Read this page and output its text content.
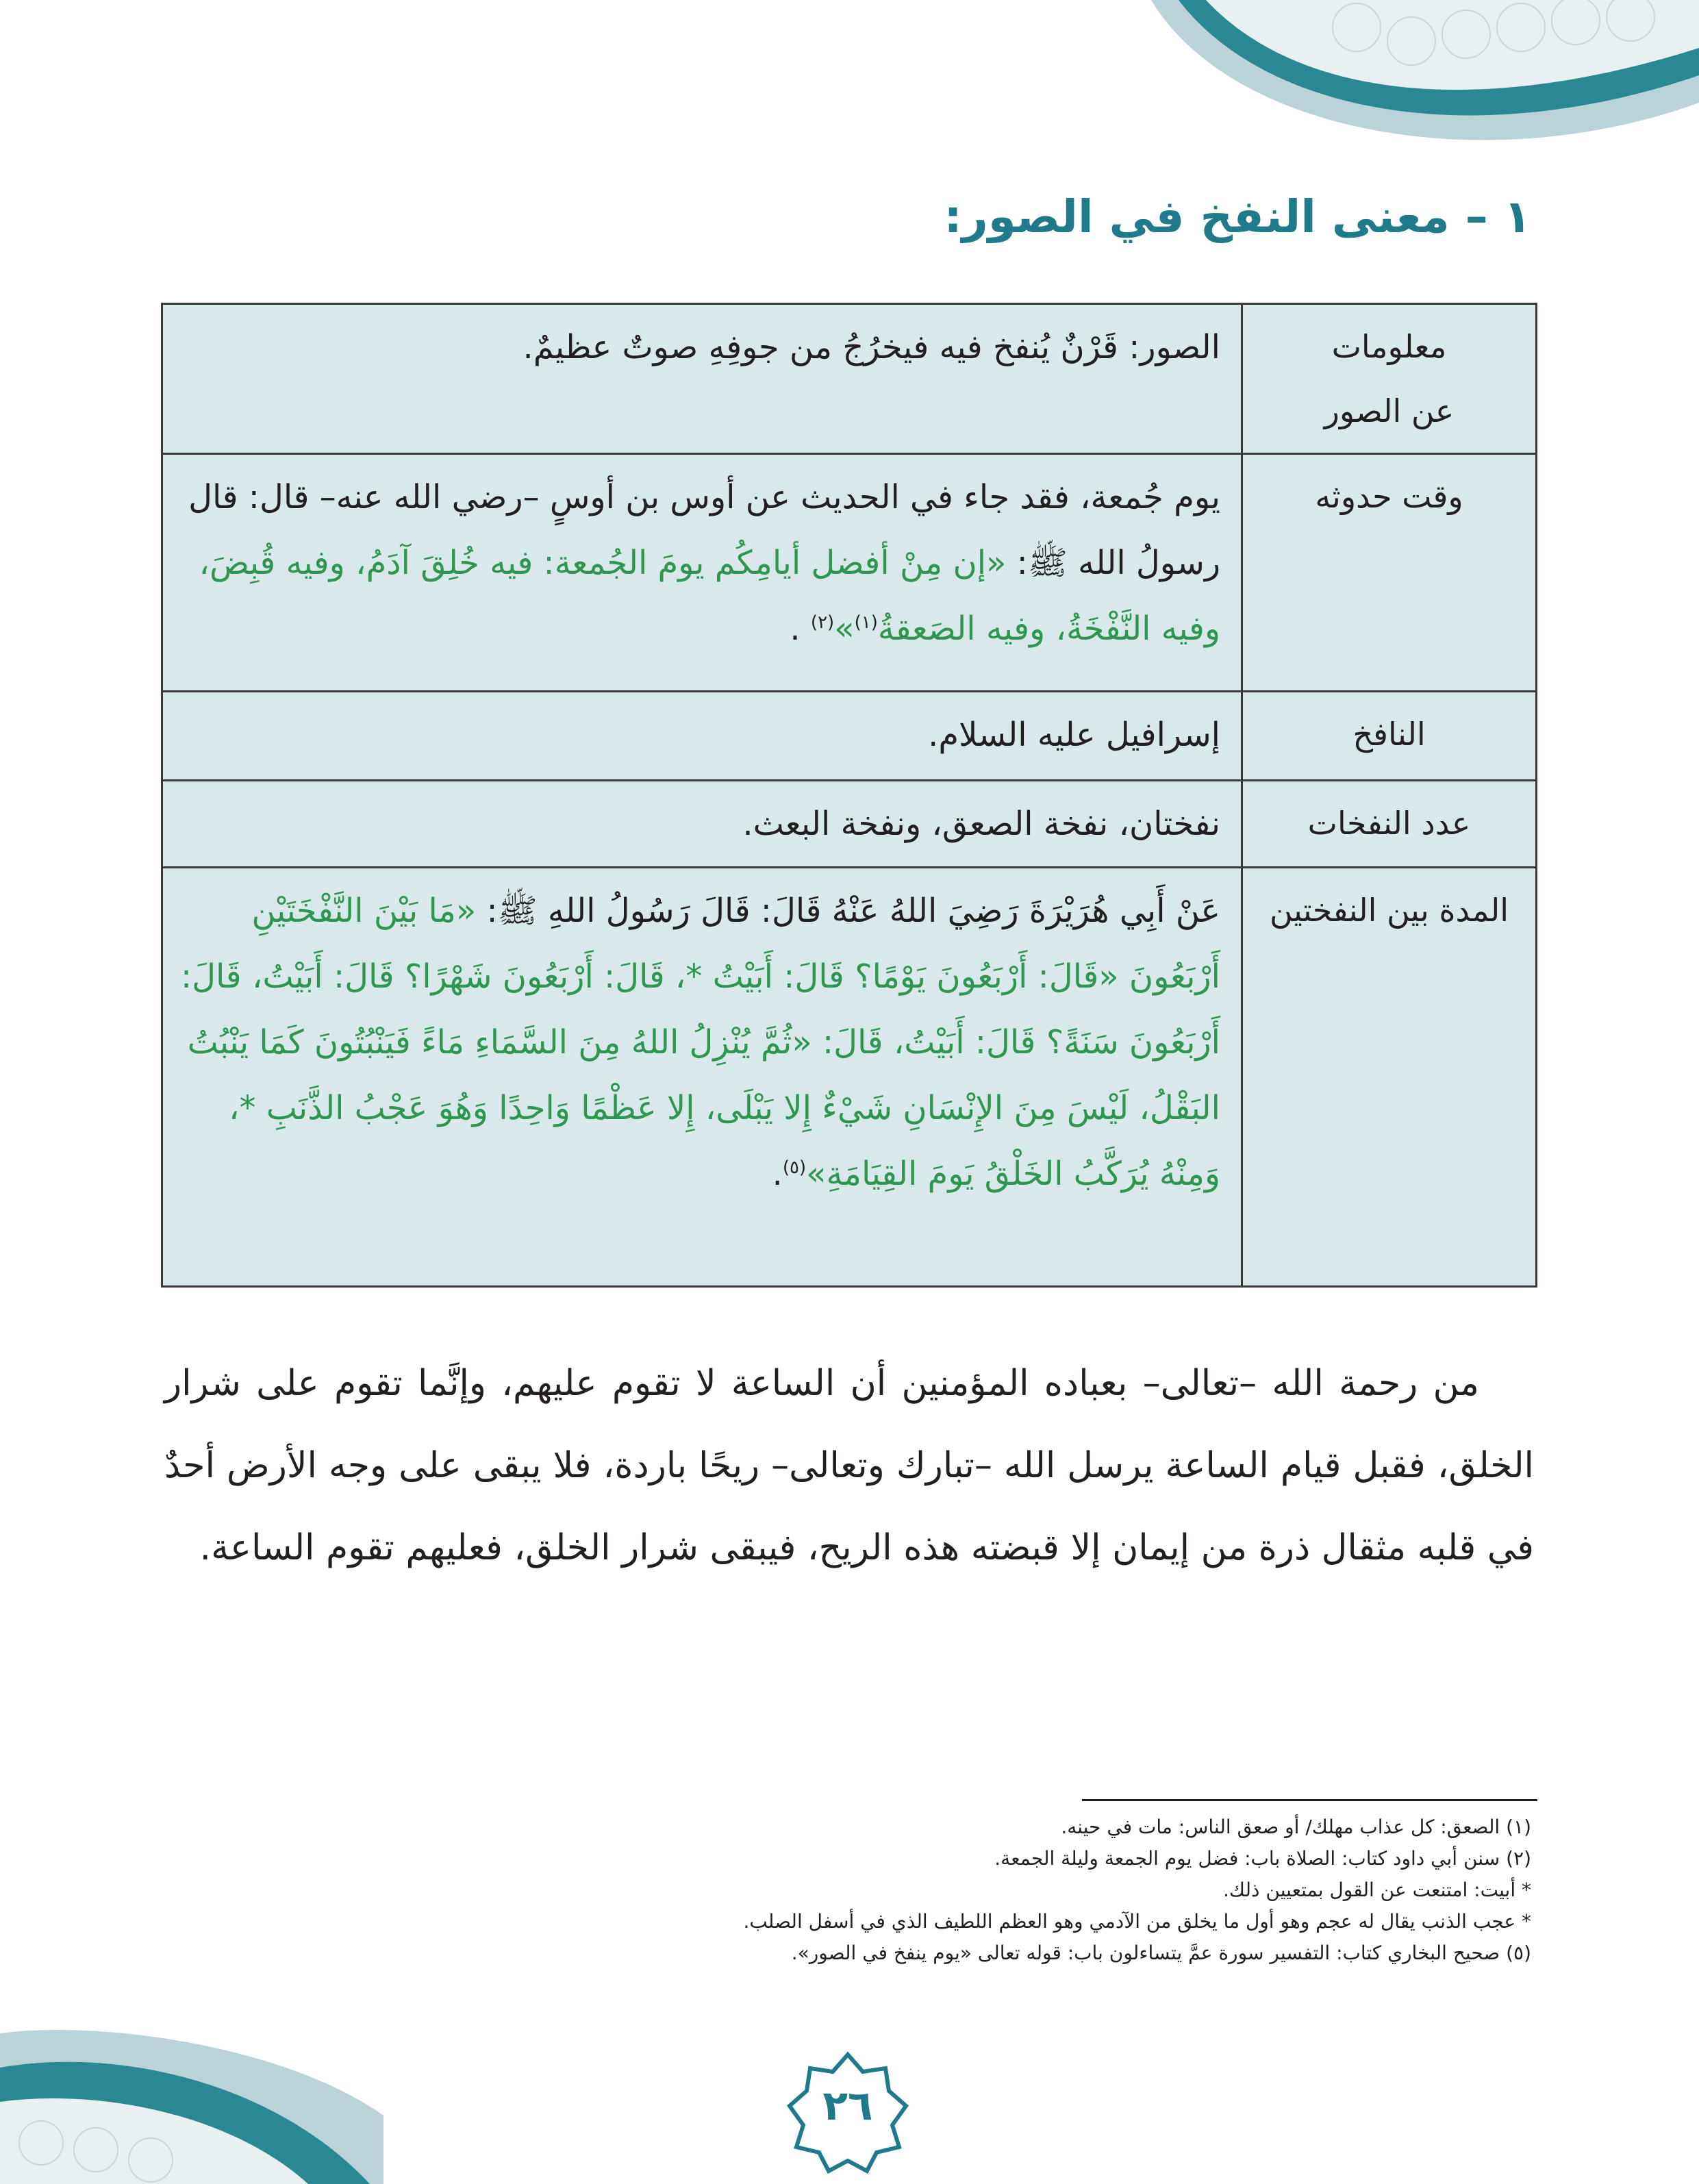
١ – معنى النفخ في الصور:
معلومات
عن الصور	الصور: قَرْنٌ يُنفخ فيه فيخرُجُ من جوفِهِ صوتٌ عظيمٌ.
وقت حدوثه	يوم جُمعة، فقد جاء في الحديث عن أوس بن أوسٍ –رضي الله عنه– قال: قال رسولُ الله ﷺ: «إن مِنْ أفضل أيامِكُم يومَ الجُمعة: فيه خُلِقَ آدَمُ، وفيه قُبِضَ، وفيه النَّفْخَةُ، وفيه الصَعقةُ$^{(١)}$»$^{(٢)}$ .
النافخ	إسرافيل عليه السلام.
عدد النفخات	نفختان، نفخة الصعق، ونفخة البعث.
المدة بين النفختين	عَنْ أَبِي هُرَيْرَةَ رَضِيَ اللهُ عَنْهُ قَالَ: قَالَ رَسُولُ اللهِ ﷺ: «مَا بَيْنَ النَّفْخَتَيْنِ أَرْبَعُونَ «قَالَ: أَرْبَعُونَ يَوْمًا؟ قَالَ: أَبَيْتُ *، قَالَ: أَرْبَعُونَ شَهْرًا؟ قَالَ: أَبَيْتُ، قَالَ: أَرْبَعُونَ سَنَةً؟ قَالَ: أَبَيْتُ، قَالَ: «ثُمَّ يُنْزِلُ اللهُ مِنَ السَّمَاءِ مَاءً فَيَنْبُتُونَ كَمَا يَنْبُتُ البَقْلُ، لَيْسَ مِنَ الإِنْسَانِ شَيْءٌ إِلا يَبْلَى، إِلا عَظْمًا وَاحِدًا وَهُوَ عَجْبُ الذَّنَبِ *، وَمِنْهُ يُرَكَّبُ الخَلْقُ يَومَ القِيَامَةِ»$^{(٥)}$.
من رحمة الله –تعالى– بعباده المؤمنين أن الساعة لا تقوم عليهم، وإنَّما تقوم على شرار الخلق، فقبل قيام الساعة يرسل الله –تبارك وتعالى– ريحًا باردة، فلا يبقى على وجه الأرض أحدٌ في قلبه مثقال ذرة من إيمان إلا قبضته هذه الريح، فيبقى شرار الخلق، فعليهم تقوم الساعة.
(١) الصعق: كل عذاب مهلك/ أو صعق الناس: مات في حينه.
(٢) سنن أبي داود كتاب: الصلاة باب: فضل يوم الجمعة وليلة الجمعة.
* أبيت: امتنعت عن القول بمتعيين ذلك.
* عجب الذنب يقال له عجم وهو أول ما يخلق من الآدمي وهو العظم اللطيف الذي في أسفل الصلب.
(٥) صحيح البخاري كتاب: التفسير سورة عمَّ يتساءلون باب: قوله تعالى «يوم ينفخ في الصور».
٢٦
